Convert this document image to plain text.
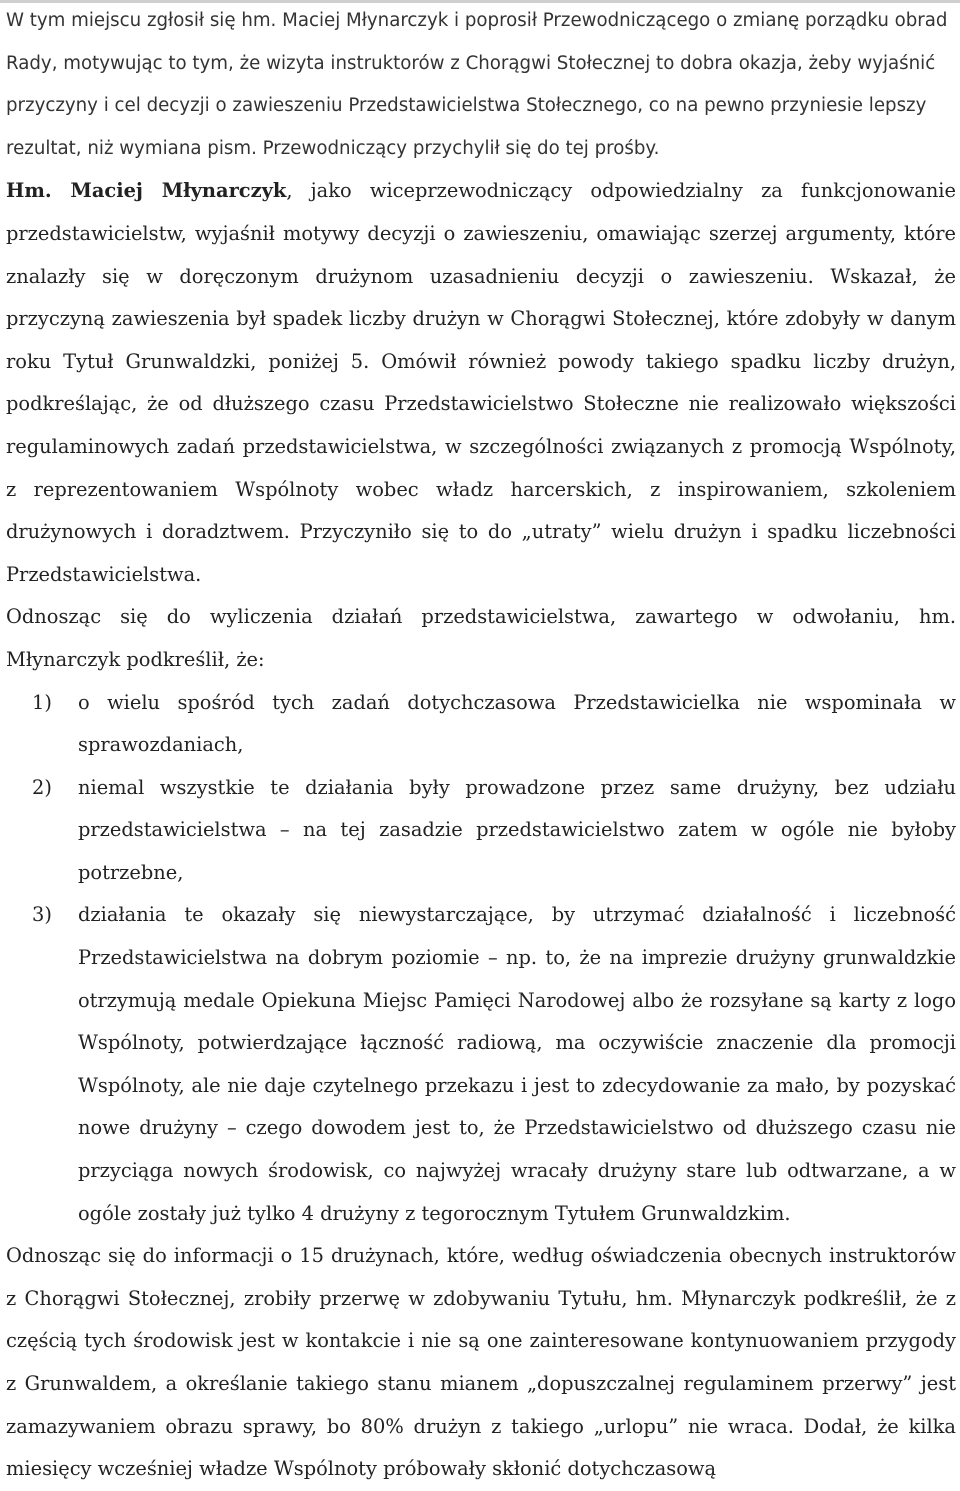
W tym miejscu zgłosił się hm. Maciej Młynarczyk i poprosił Przewodniczącego o zmianę porządku obrad Rady, motywując to tym, że wizyta instruktorów z Chorągwi Stołecznej to dobra okazja, żeby wyjaśnić przyczyny i cel decyzji o zawieszeniu Przedstawicielstwa Stołecznego, co na pewno przyniesie lepszy rezultat, niż wymiana pism. Przewodniczący przychylił się do tej prośby.

Hm. Maciej Młynarczyk, jako wiceprzewodniczący odpowiedzialny za funkcjonowanie przedstawicielstw, wyjaśnił motywy decyzji o zawieszeniu, omawiając szerzej argumenty, które znalazły się w doręczonym drużynom uzasadnieniu decyzji o zawieszeniu. Wskazał, że przyczyną zawieszenia był spadek liczby drużyn w Chorągwi Stołecznej, które zdobyły w danym roku Tytuł Grunwaldzki, poniżej 5. Omówił również powody takiego spadku liczby drużyn, podkreślając, że od dłuższego czasu Przedstawicielstwo Stołeczne nie realizowało większości regulaminowych zadań przedstawicielstwa, w szczególności związanych z promocją Wspólnoty, z reprezentowaniem Wspólnoty wobec władz harcerskich, z inspirowaniem, szkoleniem drużynowych i doradztwem. Przyczyniło się to do „utraty” wielu drużyn i spadku liczebności Przedstawicielstwa.

Odnosząc się do wyliczenia działań przedstawicielstwa, zawartego w odwołaniu, hm. Młynarczyk podkreślił, że:

1) o wielu spośród tych zadań dotychczasowa Przedstawicielka nie wspominała w sprawozdaniach,
2) niemal wszystkie te działania były prowadzone przez same drużyny, bez udziału przedstawicielstwa – na tej zasadzie przedstawicielstwo zatem w ogóle nie byłoby potrzebne,
3) działania te okazały się niewystarczające, by utrzymać działalność i liczebność Przedstawicielstwa na dobrym poziomie – np. to, że na imprezie drużyny grunwaldzkie otrzymują medale Opiekuna Miejsc Pamięci Narodowej albo że rozsyłane są karty z logo Wspólnoty, potwierdzające łączność radiową, ma oczywiście znaczenie dla promocji Wspólnoty, ale nie daje czytelnego przekazu i jest to zdecydowanie za mało, by pozyskać nowe drużyny – czego dowodem jest to, że Przedstawicielstwo od dłuższego czasu nie przyciąga nowych środowisk, co najwyżej wracały drużyny stare lub odtwarzane, a w ogóle zostały już tylko 4 drużyny z tegorocznym Tytułem Grunwaldzkim.

Odnosząc się do informacji o 15 drużynach, które, według oświadczenia obecnych instruktorów z Chorągwi Stołecznej, zrobiły przerwę w zdobywaniu Tytułu, hm. Młynarczyk podkreślił, że z częścią tych środowisk jest w kontakcie i nie są one zainteresowane kontynuowaniem przygody z Grunwaldem, a określanie takiego stanu mianem „dopuszczalnej regulaminem przerwy” jest zamazywaniem obrazu sprawy, bo 80% drużyn z takiego „urlopu” nie wraca. Dodał, że kilka miesięcy wcześniej władze Wspólnoty próbowały skłonić dotychczasową
